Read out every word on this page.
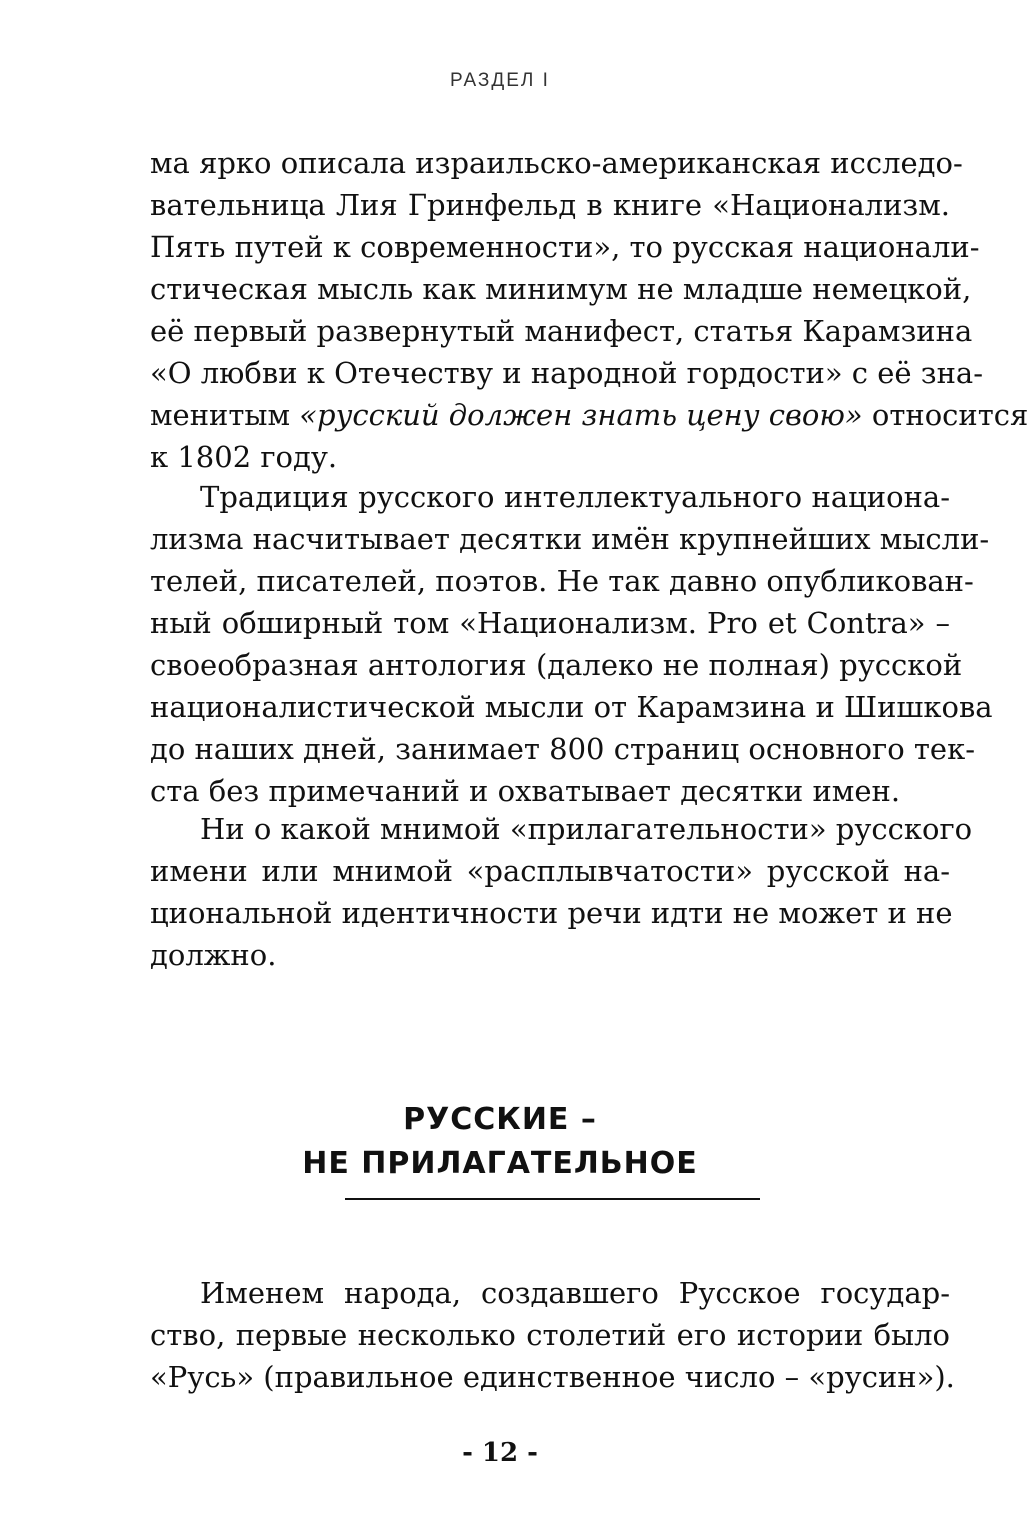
РАЗДЕЛ I
ма ярко описала израильско-американская исследо-
вательница Лия Гринфельд в книге «Национализм.
Пять путей к современности», то русская национали-
стическая мысль как минимум не младше немецкой,
её первый развернутый манифест, статья Карамзина
«О любви к Отечеству и народной гордости» с её зна-
менитым «русский должен знать цену свою» относится
к 1802 году.
Традиция русского интеллектуального национа-
лизма насчитывает десятки имён крупнейших мысли-
телей, писателей, поэтов. Не так давно опубликован-
ный обширный том «Национализм. Pro et Contra» –
своеобразная антология (далеко не полная) русской
националистической мысли от Карамзина и Шишкова
до наших дней, занимает 800 страниц основного тек-
ста без примечаний и охватывает десятки имен.
Ни о какой мнимой «прилагательности» русского
имени или мнимой «расплывчатости» русской на-
циональной идентичности речи идти не может и не
должно.
РУССКИЕ –
НЕ ПРИЛАГАТЕЛЬНОЕ
Именем народа, создавшего Русское государ-
ство, первые несколько столетий его истории было
«Русь» (правильное единственное число – «русин»).
- 12 -
